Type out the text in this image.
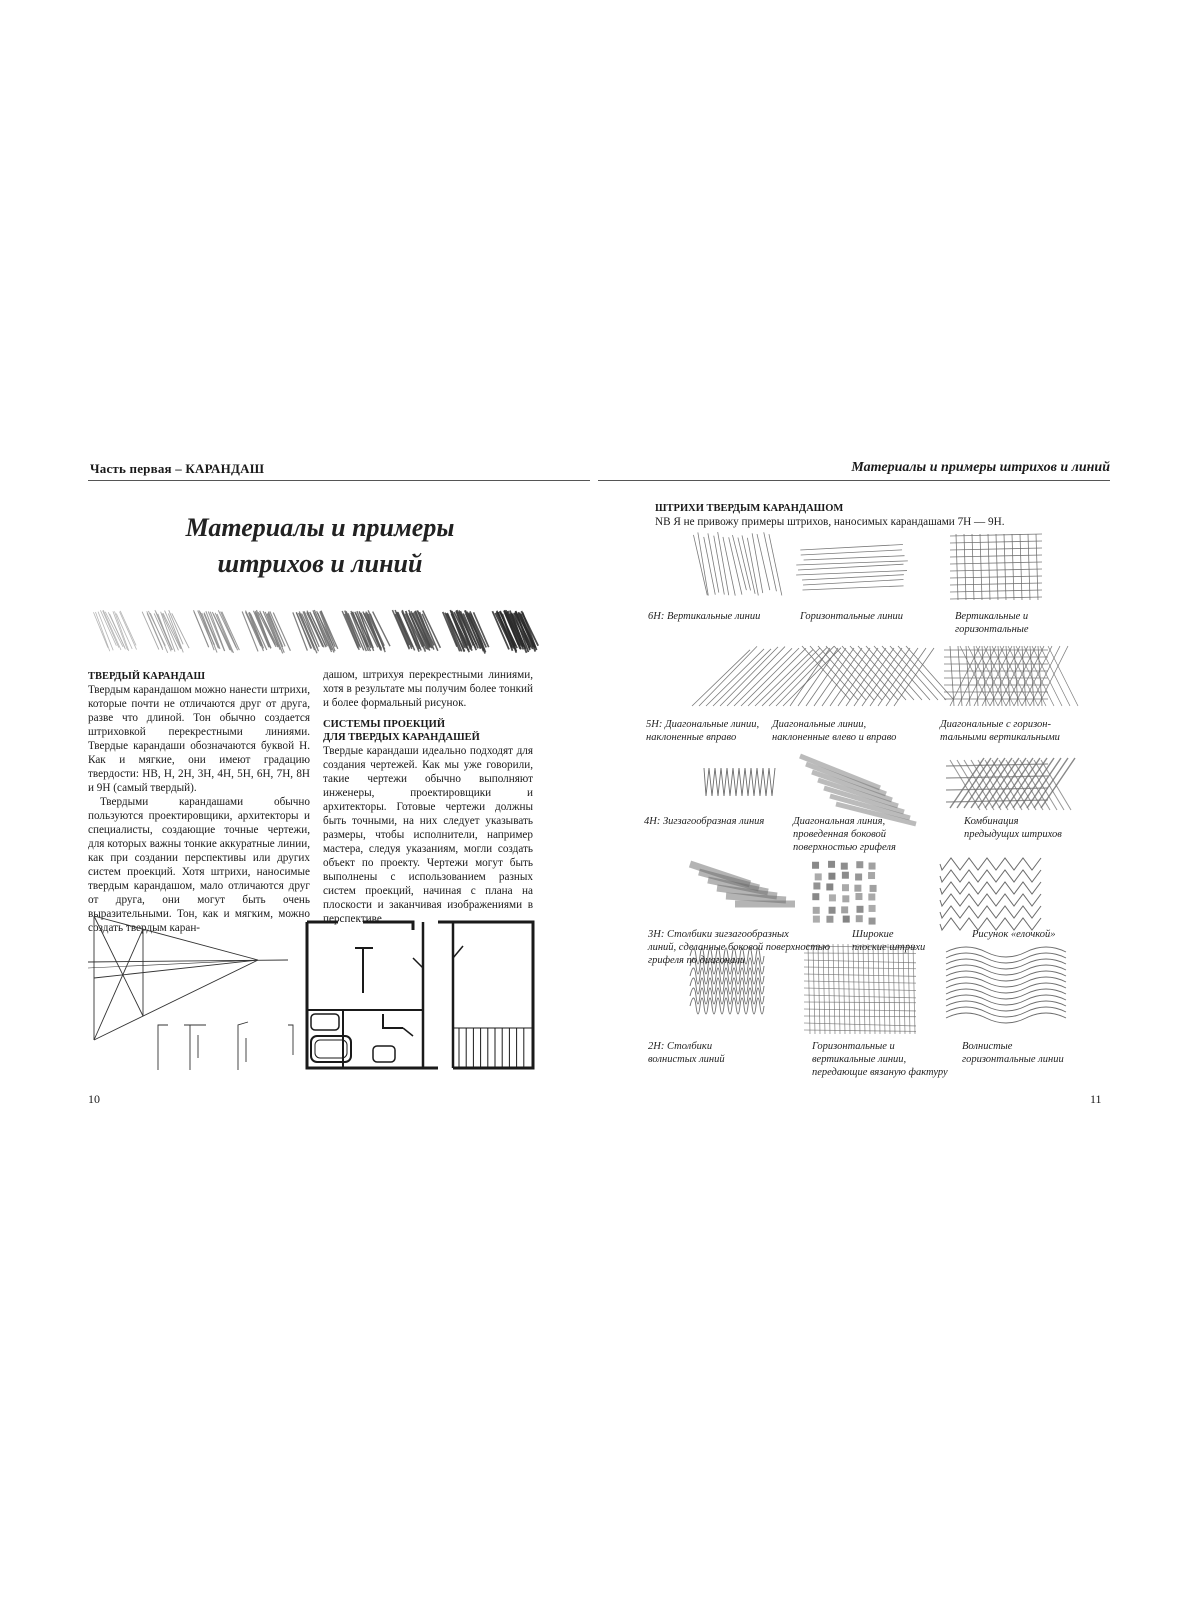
Часть первая – КАРАНДАШ
Материалы и примеры
штрихов и линий
ТВЕРДЫЙ КАРАНДАШ

Твердым карандашом можно нанести штрихи, которые почти не отличаются друг от друга, разве что длиной. Тон обычно создается штриховкой перекрестными линиями. Твердые карандаши обозначаются буквой H. Как и мягкие, они имеют градацию твердости: HB, H, 2H, 3H, 4H, 5H, 6H, 7H, 8H и 9H (самый твердый).

Твердыми карандашами обычно пользуются проектировщики, архитекторы и специалисты, создающие точные чертежи, для которых важны тонкие аккуратные линии, как при создании перспективы или других систем проекций. Хотя штрихи, наносимые твердым карандашом, мало отличаются друг от друга, они могут быть очень выразительными. Тон, как и мягким, можно создать твердым каран-

дашом, штрихуя перекрестными линиями, хотя в результате мы получим более тонкий и более формальный рисунок.
СИСТЕМЫ ПРОЕКЦИЙ
ДЛЯ ТВЕРДЫХ КАРАНДАШЕЙ
Твердые карандаши идеально подходят для создания чертежей. Как мы уже говорили, такие чертежи обычно выполняют инженеры, проектировщики и архитекторы. Готовые чертежи должны быть точными, на них следует указывать размеры, чтобы исполнители, например мастера, следуя указаниям, могли создать объект по проекту. Чертежи могут быть выполнены с использованием разных систем проекций, начиная с плана на плоскости и заканчивая изображениями в перспективе.
10
Материалы и примеры штрихов и линий
ШТРИХИ ТВЕРДЫМ КАРАНДАШОМ
NB Я не привожу примеры штрихов, наносимых карандашами 7H — 9H.
6H: Вертикальные линии	Горизонтальные линии	Вертикальные и
горизонтальные
5H: Диагональные линии,
наклоненные вправо
Диагональные линии,
наклоненные влево и вправо
Диагональные с горизон-
тальными вертикальными
4H: Зигзагообразная линия	Диагональная линия,
проведенная боковой
поверхностью грифеля
Комбинация
предыдущих штрихов
3H: Столбики зигзагообразных
линий, сделанные боковой поверхностью
грифеля по диагонали
Широкие
плоские штрихи
Рисунок «елочкой»
2H: Столбики
волнистых линий
Горизонтальные и
вертикальные линии,
передающие вязаную фактуру
Волнистые
горизонтальные линии
11
